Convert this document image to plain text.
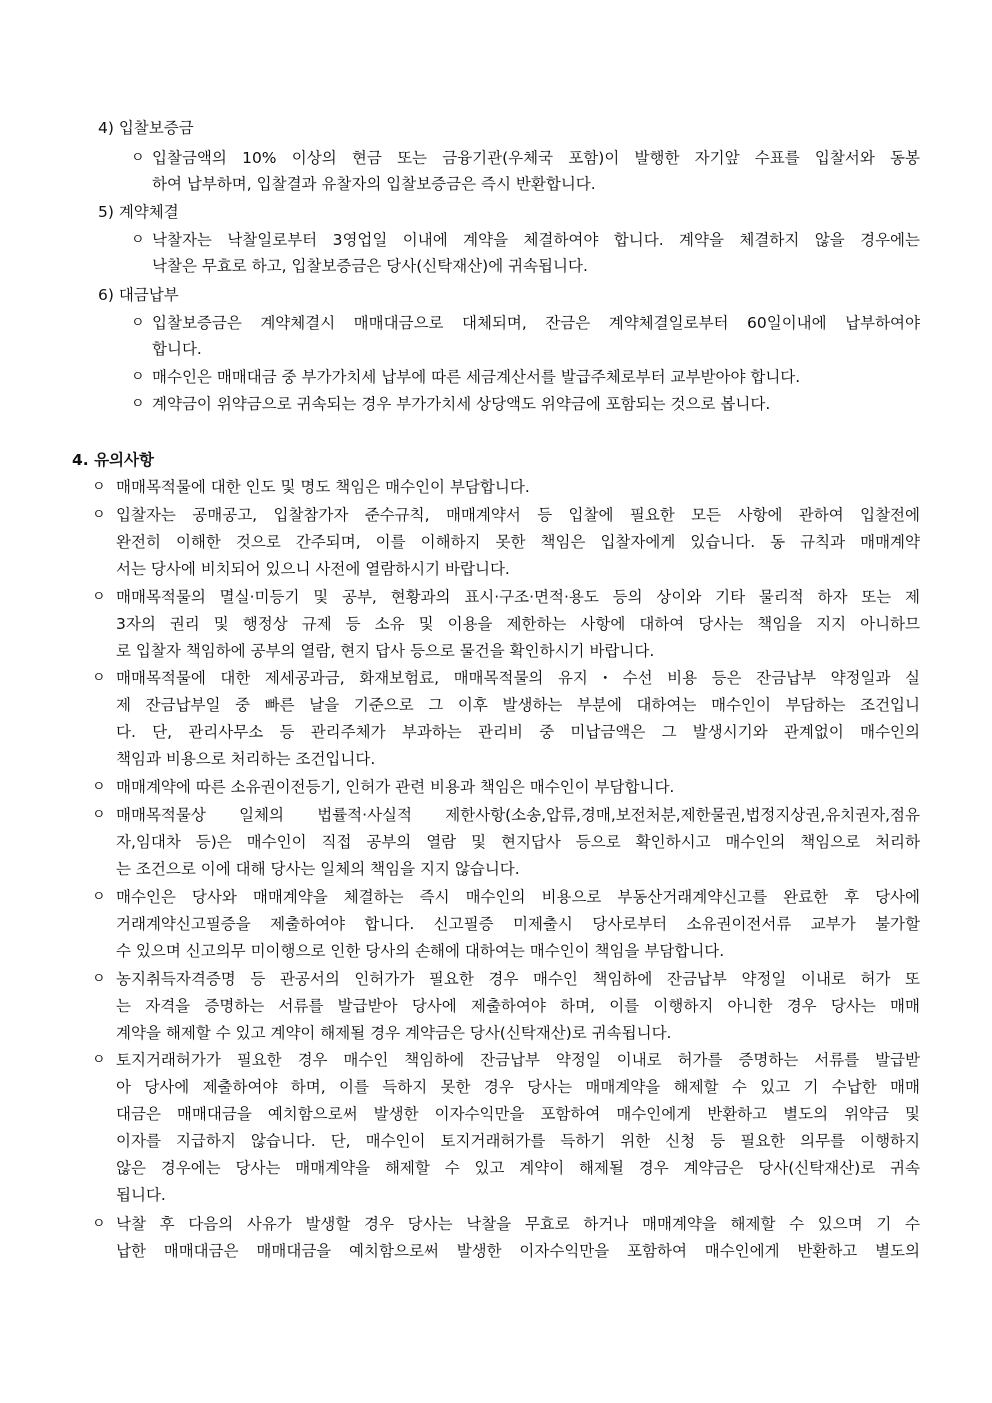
4) 입찰보증금
ㅇ 입찰금액의 10% 이상의 현금 또는 금융기관(우체국 포함)이 발행한 자기앞 수표를 입찰서와 동봉
하여 납부하며, 입찰결과 유찰자의 입찰보증금은 즉시 반환합니다.
5) 계약체결
ㅇ 낙찰자는 낙찰일로부터 3영업일 이내에 계약을 체결하여야 합니다. 계약을 체결하지 않을 경우에는
낙찰은 무효로 하고, 입찰보증금은 당사(신탁재산)에 귀속됩니다.
6) 대금납부
ㅇ 입찰보증금은 계약체결시 매매대금으로 대체되며, 잔금은 계약체결일로부터 60일이내에 납부하여야
합니다.
ㅇ 매수인은 매매대금 중 부가가치세 납부에 따른 세금계산서를 발급주체로부터 교부받아야 합니다.
ㅇ 계약금이 위약금으로 귀속되는 경우 부가가치세 상당액도 위약금에 포함되는 것으로 봅니다.
4. 유의사항
ㅇ 매매목적물에 대한 인도 및 명도 책임은 매수인이 부담합니다.
ㅇ 입찰자는 공매공고, 입찰참가자 준수규칙, 매매계약서 등 입찰에 필요한 모든 사항에 관하여 입찰전에
완전히 이해한 것으로 간주되며, 이를 이해하지 못한 책임은 입찰자에게 있습니다. 동 규칙과 매매계약
서는 당사에 비치되어 있으니 사전에 열람하시기 바랍니다.
ㅇ 매매목적물의 멸실·미등기 및 공부, 현황과의 표시·구조·면적·용도 등의 상이와 기타 물리적 하자 또는 제
3자의 권리 및 행정상 규제 등 소유 및 이용을 제한하는 사항에 대하여 당사는 책임을 지지 아니하므
로 입찰자 책임하에 공부의 열람, 현지 답사 등으로 물건을 확인하시기 바랍니다.
ㅇ 매매목적물에 대한 제세공과금, 화재보험료, 매매목적물의 유지・수선 비용 등은 잔금납부 약정일과 실
제 잔금납부일 중 빠른 날을 기준으로 그 이후 발생하는 부분에 대하여는 매수인이 부담하는 조건입니
다. 단, 관리사무소 등 관리주체가 부과하는 관리비 중 미납금액은 그 발생시기와 관계없이 매수인의
책임과 비용으로 처리하는 조건입니다.
ㅇ 매매계약에 따른 소유권이전등기, 인허가 관련 비용과 책임은 매수인이 부담합니다.
ㅇ 매매목적물상 일체의 법률적·사실적 제한사항(소송,압류,경매,보전처분,제한물권,법정지상권,유치권자,점유
자,임대차 등)은 매수인이 직접 공부의 열람 및 현지답사 등으로 확인하시고 매수인의 책임으로 처리하
는 조건으로 이에 대해 당사는 일체의 책임을 지지 않습니다.
ㅇ 매수인은 당사와 매매계약을 체결하는 즉시 매수인의 비용으로 부동산거래계약신고를 완료한 후 당사에
거래계약신고필증을 제출하여야 합니다. 신고필증 미제출시 당사로부터 소유권이전서류 교부가 불가할
수 있으며 신고의무 미이행으로 인한 당사의 손해에 대하여는 매수인이 책임을 부담합니다.
ㅇ 농지취득자격증명 등 관공서의 인허가가 필요한 경우 매수인 책임하에 잔금납부 약정일 이내로 허가 또
는 자격을 증명하는 서류를 발급받아 당사에 제출하여야 하며, 이를 이행하지 아니한 경우 당사는 매매
계약을 해제할 수 있고 계약이 해제될 경우 계약금은 당사(신탁재산)로 귀속됩니다.
ㅇ 토지거래허가가 필요한 경우 매수인 책임하에 잔금납부 약정일 이내로 허가를 증명하는 서류를 발급받
아 당사에 제출하여야 하며, 이를 득하지 못한 경우 당사는 매매계약을 해제할 수 있고 기 수납한 매매
대금은 매매대금을 예치함으로써 발생한 이자수익만을 포함하여 매수인에게 반환하고 별도의 위약금 및
이자를 지급하지 않습니다. 단, 매수인이 토지거래허가를 득하기 위한 신청 등 필요한 의무를 이행하지
않은 경우에는 당사는 매매계약을 해제할 수 있고 계약이 해제될 경우 계약금은 당사(신탁재산)로 귀속
됩니다.
ㅇ 낙찰 후 다음의 사유가 발생할 경우 당사는 낙찰을 무효로 하거나 매매계약을 해제할 수 있으며 기 수
납한 매매대금은 매매대금을 예치함으로써 발생한 이자수익만을 포함하여 매수인에게 반환하고 별도의
